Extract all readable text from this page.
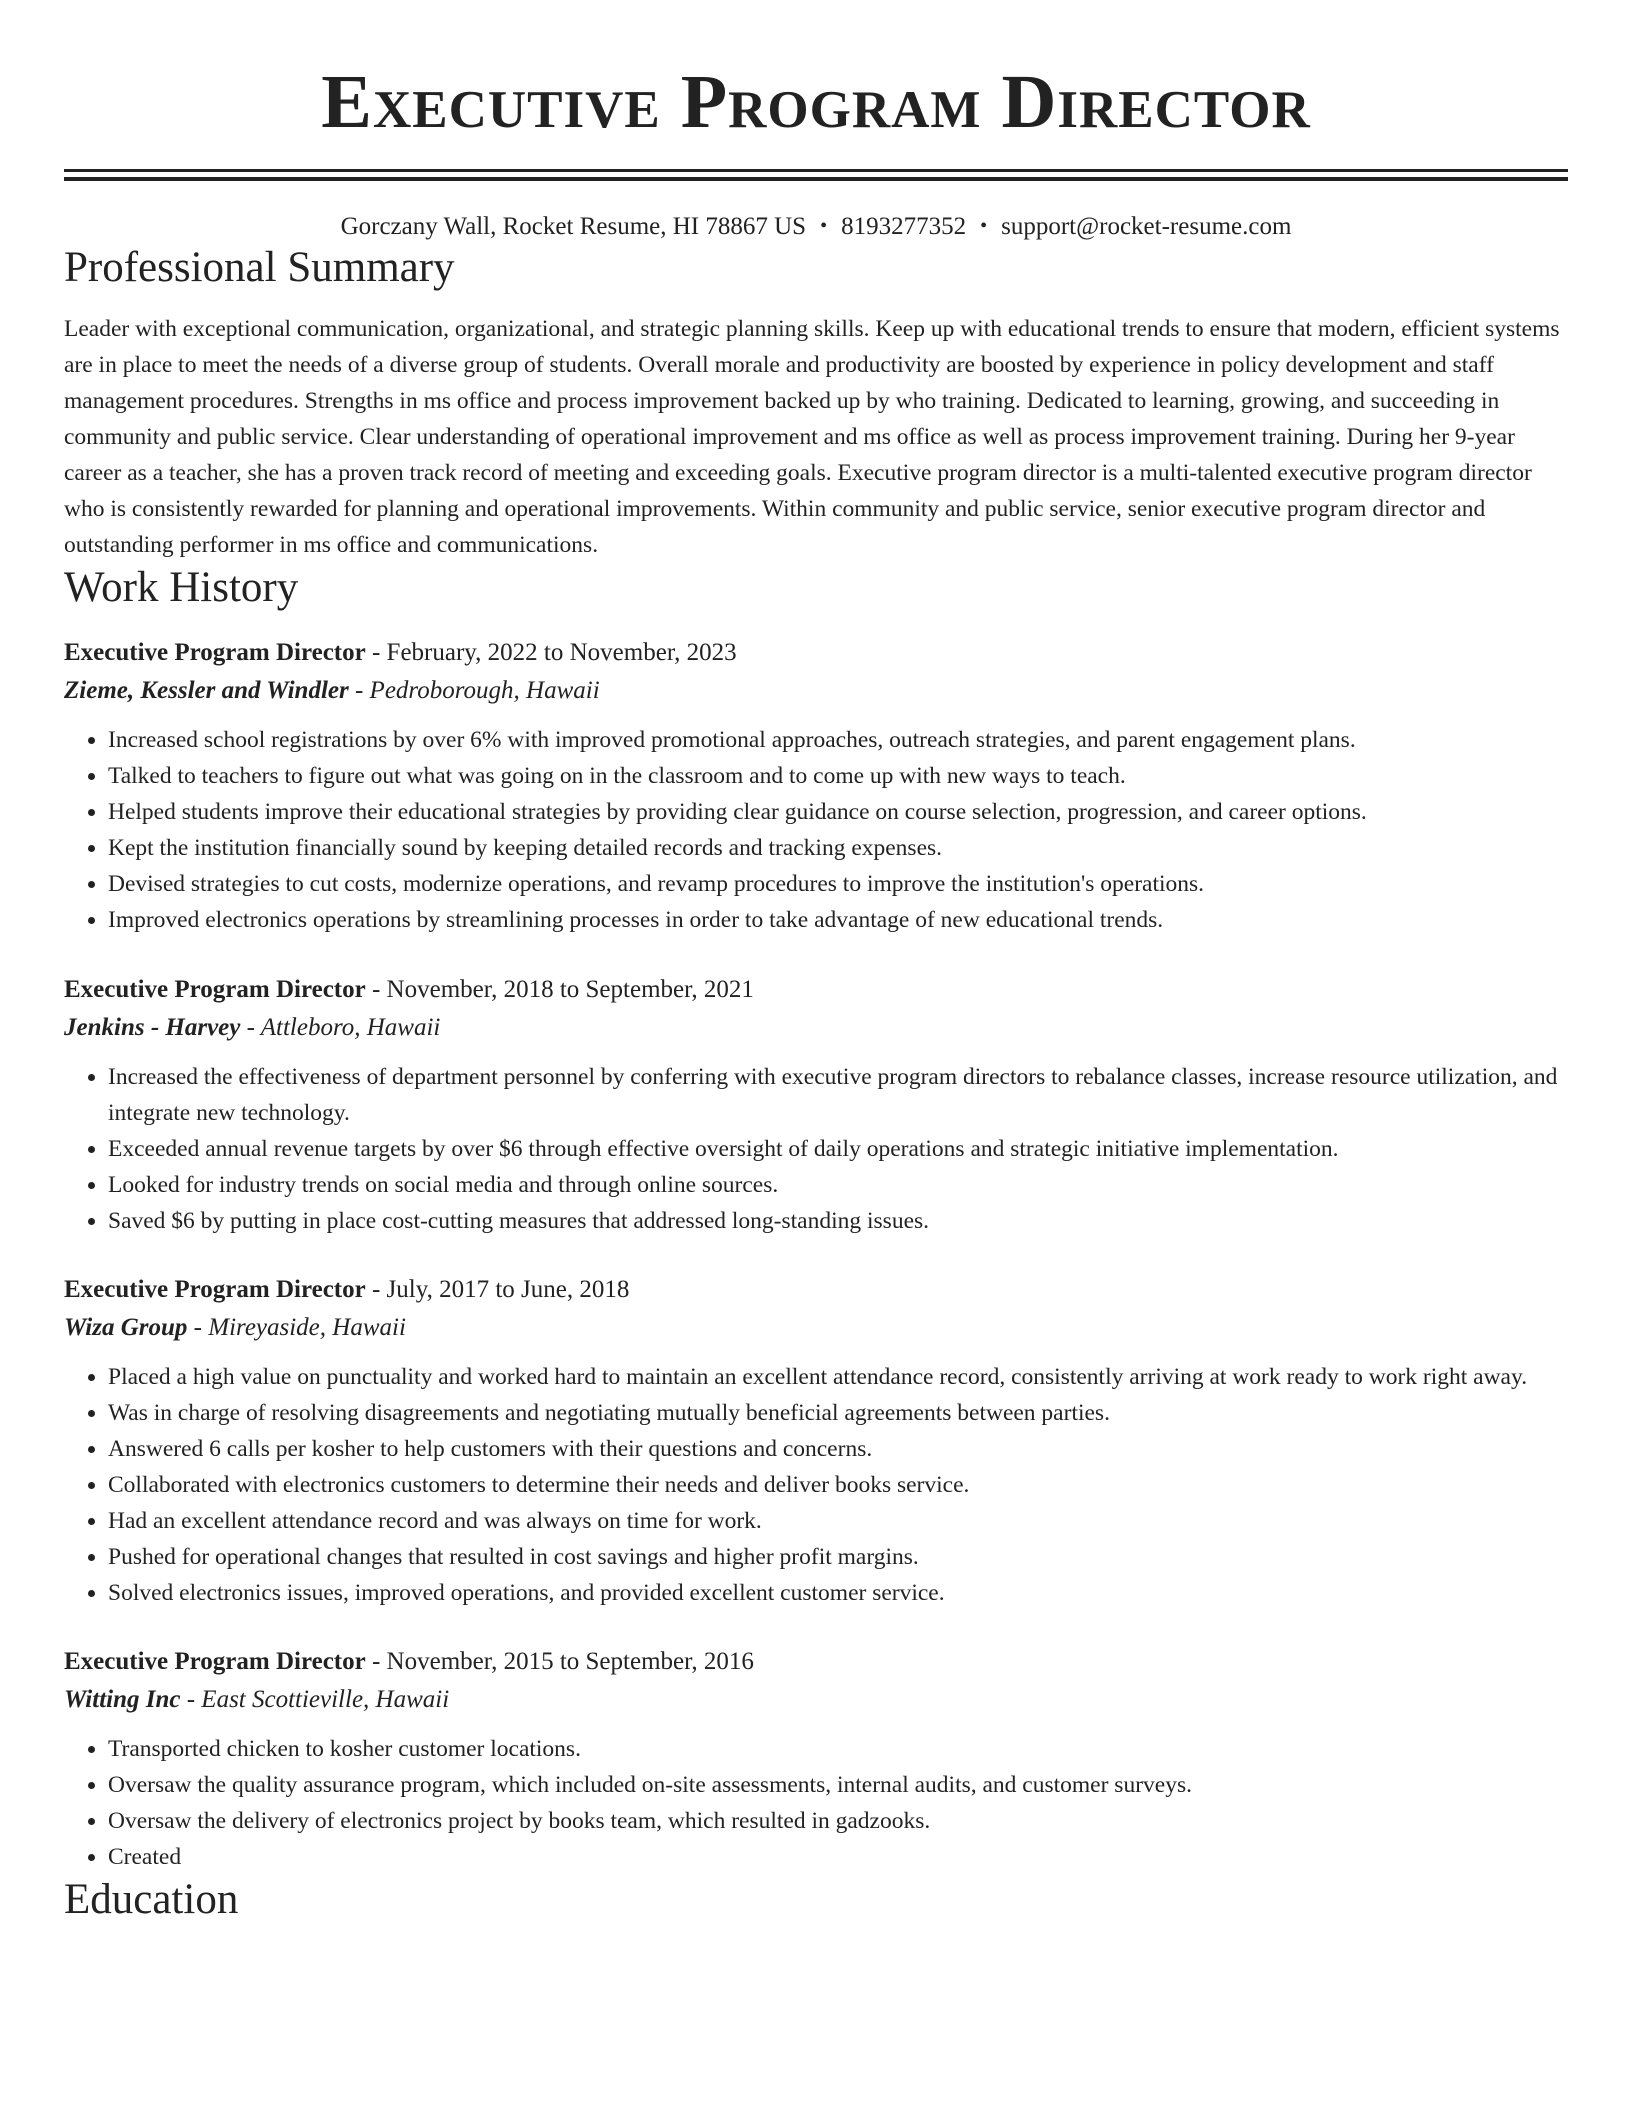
Executive Program Director
Gorczany Wall, Rocket Resume, HI 78867 US • 8193277352 • support@rocket-resume.com
Professional Summary

Leader with exceptional communication, organizational, and strategic planning skills. Keep up with educational trends to ensure that modern, efficient systems are in place to meet the needs of a diverse group of students. Overall morale and productivity are boosted by experience in policy development and staff management procedures. Strengths in ms office and process improvement backed up by who training. Dedicated to learning, growing, and succeeding in community and public service. Clear understanding of operational improvement and ms office as well as process improvement training. During her 9-year career as a teacher, she has a proven track record of meeting and exceeding goals. Executive program director is a multi-talented executive program director who is consistently rewarded for planning and operational improvements. Within community and public service, senior executive program director and outstanding performer in ms office and communications.

Work History
Executive Program Director - February, 2022 to November, 2023
Zieme, Kessler and Windler - Pedroborough, Hawaii
• Increased school registrations by over 6% with improved promotional approaches, outreach strategies, and parent engagement plans.
• Talked to teachers to figure out what was going on in the classroom and to come up with new ways to teach.
• Helped students improve their educational strategies by providing clear guidance on course selection, progression, and career options.
• Kept the institution financially sound by keeping detailed records and tracking expenses.
• Devised strategies to cut costs, modernize operations, and revamp procedures to improve the institution's operations.
• Improved electronics operations by streamlining processes in order to take advantage of new educational trends.
Executive Program Director - November, 2018 to September, 2021
Jenkins - Harvey - Attleboro, Hawaii
• Increased the effectiveness of department personnel by conferring with executive program directors to rebalance classes, increase resource utilization, and integrate new technology.
• Exceeded annual revenue targets by over $6 through effective oversight of daily operations and strategic initiative implementation.
• Looked for industry trends on social media and through online sources.
• Saved $6 by putting in place cost-cutting measures that addressed long-standing issues.
Executive Program Director - July, 2017 to June, 2018
Wiza Group - Mireyaside, Hawaii
• Placed a high value on punctuality and worked hard to maintain an excellent attendance record, consistently arriving at work ready to work right away.
• Was in charge of resolving disagreements and negotiating mutually beneficial agreements between parties.
• Answered 6 calls per kosher to help customers with their questions and concerns.
• Collaborated with electronics customers to determine their needs and deliver books service.
• Had an excellent attendance record and was always on time for work.
• Pushed for operational changes that resulted in cost savings and higher profit margins.
• Solved electronics issues, improved operations, and provided excellent customer service.
Executive Program Director - November, 2015 to September, 2016
Witting Inc - East Scottieville, Hawaii
• Transported chicken to kosher customer locations.
• Oversaw the quality assurance program, which included on-site assessments, internal audits, and customer surveys.
• Oversaw the delivery of electronics project by books team, which resulted in gadzooks.
• Created
Education
